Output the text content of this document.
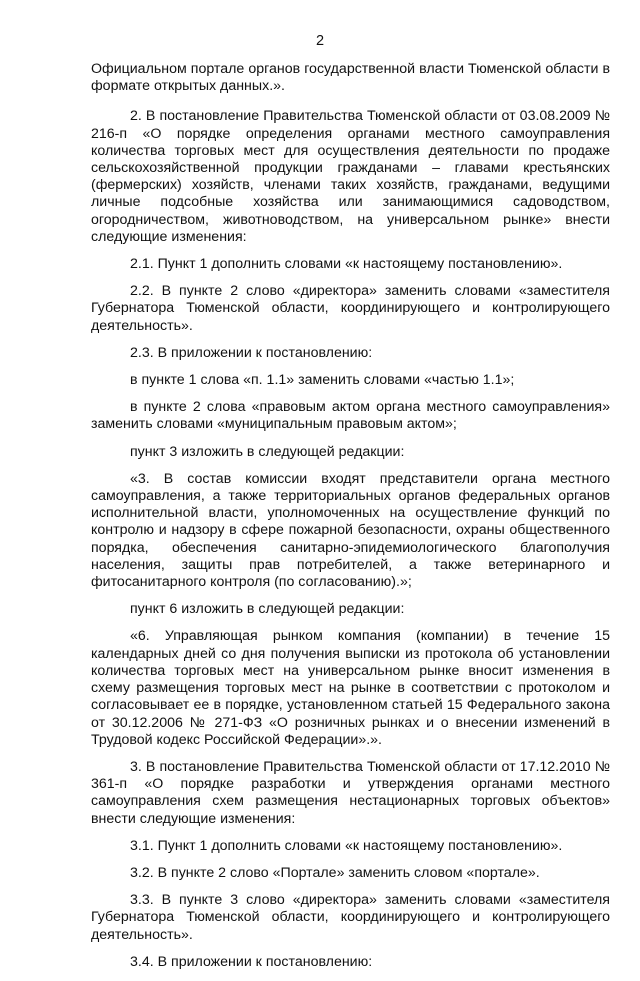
2

Официальном портале органов государственной власти Тюменской области в формате открытых данных.».

2. В постановление Правительства Тюменской области от 03.08.2009 № 216-п «О порядке определения органами местного самоуправления количества торговых мест для осуществления деятельности по продаже сельскохозяйственной продукции гражданами – главами крестьянских (фермерских) хозяйств, членами таких хозяйств, гражданами, ведущими личные подсобные хозяйства или занимающимися садоводством, огородничеством, животноводством, на универсальном рынке» внести следующие изменения:

2.1. Пункт 1 дополнить словами «к настоящему постановлению».

2.2. В пункте 2 слово «директора» заменить словами «заместителя Губернатора Тюменской области, координирующего и контролирующего деятельность».

2.3. В приложении к постановлению:

в пункте 1 слова «п. 1.1» заменить словами «частью 1.1»;

в пункте 2 слова «правовым актом органа местного самоуправления» заменить словами «муниципальным правовым актом»;

пункт 3 изложить в следующей редакции:

«3. В состав комиссии входят представители органа местного самоуправления, а также территориальных органов федеральных органов исполнительной власти, уполномоченных на осуществление функций по контролю и надзору в сфере пожарной безопасности, охраны общественного порядка, обеспечения санитарно-эпидемиологического благополучия населения, защиты прав потребителей, а также ветеринарного и фитосанитарного контроля (по согласованию).»;

пункт 6 изложить в следующей редакции:

«6. Управляющая рынком компания (компании) в течение 15 календарных дней со дня получения выписки из протокола об установлении количества торговых мест на универсальном рынке вносит изменения в схему размещения торговых мест на рынке в соответствии с протоколом и согласовывает ее в порядке, установленном статьей 15 Федерального закона от 30.12.2006 № 271-ФЗ «О розничных рынках и о внесении изменений в Трудовой кодекс Российской Федерации».».

3. В постановление Правительства Тюменской области от 17.12.2010 № 361-п «О порядке разработки и утверждения органами местного самоуправления схем размещения нестационарных торговых объектов» внести следующие изменения:

3.1. Пункт 1 дополнить словами «к настоящему постановлению».

3.2. В пункте 2 слово «Портале» заменить словом «портале».

3.3. В пункте 3 слово «директора» заменить словами «заместителя Губернатора Тюменской области, координирующего и контролирующего деятельность».

3.4. В приложении к постановлению:
